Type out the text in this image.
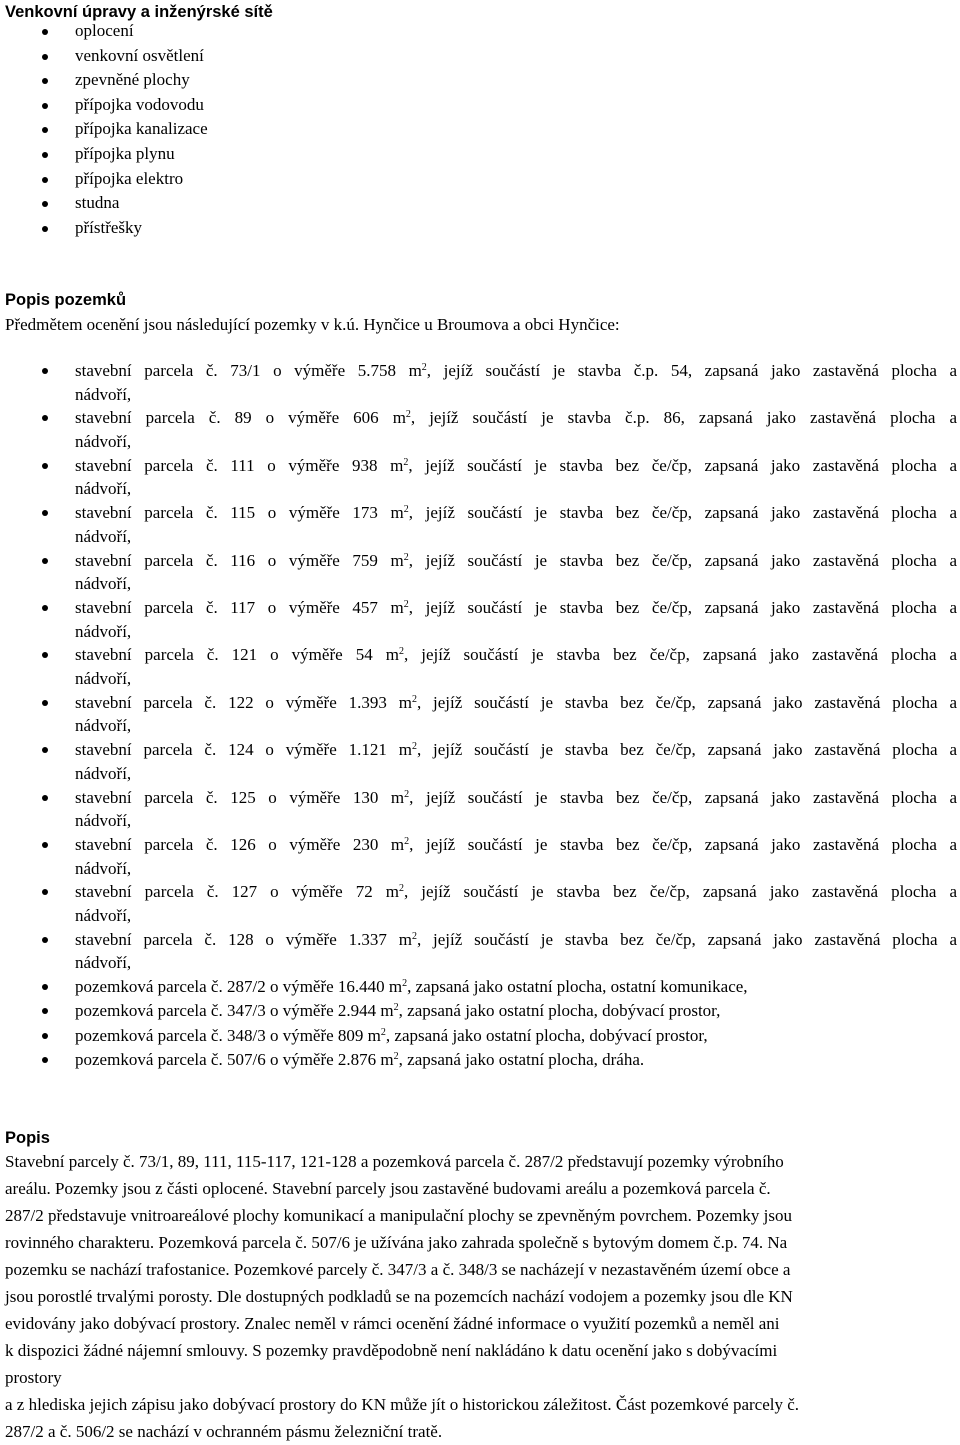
Venkovní úpravy a inženýrské sítě
oplocení
venkovní osvětlení
zpevněné plochy
přípojka vodovodu
přípojka kanalizace
přípojka plynu
přípojka elektro
studna
přístřešky
Popis pozemků
Předmětem ocenění jsou následující pozemky v k.ú. Hynčice u Broumova a obci Hynčice:
stavební parcela č. 73/1 o výměře 5.758 $m^2$, jejíž součástí je stavba č.p. 54, zapsaná jako zastavěná plocha a
nádvoří,
stavební parcela č. 89 o výměře 606 $m^2$, jejíž součástí je stavba č.p. 86, zapsaná jako zastavěná plocha a
nádvoří,
stavební parcela č. 111 o výměře 938 $m^2$, jejíž součástí je stavba bez če/čp, zapsaná jako zastavěná plocha a
nádvoří,
stavební parcela č. 115 o výměře 173 $m^2$, jejíž součástí je stavba bez če/čp, zapsaná jako zastavěná plocha a
nádvoří,
stavební parcela č. 116 o výměře 759 $m^2$, jejíž součástí je stavba bez če/čp, zapsaná jako zastavěná plocha a
nádvoří,
stavební parcela č. 117 o výměře 457 $m^2$, jejíž součástí je stavba bez če/čp, zapsaná jako zastavěná plocha a
nádvoří,
stavební parcela č. 121 o výměře 54 $m^2$, jejíž součástí je stavba bez če/čp, zapsaná jako zastavěná plocha a
nádvoří,
stavební parcela č. 122 o výměře 1.393 $m^2$, jejíž součástí je stavba bez če/čp, zapsaná jako zastavěná plocha a
nádvoří,
stavební parcela č. 124 o výměře 1.121 $m^2$, jejíž součástí je stavba bez če/čp, zapsaná jako zastavěná plocha a
nádvoří,
stavební parcela č. 125 o výměře 130 $m^2$, jejíž součástí je stavba bez če/čp, zapsaná jako zastavěná plocha a
nádvoří,
stavební parcela č. 126 o výměře 230 $m^2$, jejíž součástí je stavba bez če/čp, zapsaná jako zastavěná plocha a
nádvoří,
stavební parcela č. 127 o výměře 72 $m^2$, jejíž součástí je stavba bez če/čp, zapsaná jako zastavěná plocha a
nádvoří,
stavební parcela č. 128 o výměře 1.337 $m^2$, jejíž součástí je stavba bez če/čp, zapsaná jako zastavěná plocha a
nádvoří,
pozemková parcela č. 287/2 o výměře 16.440 $m^2$, zapsaná jako ostatní plocha, ostatní komunikace,
pozemková parcela č. 347/3 o výměře 2.944 $m^2$, zapsaná jako ostatní plocha, dobývací prostor,
pozemková parcela č. 348/3 o výměře 809 $m^2$, zapsaná jako ostatní plocha, dobývací prostor,
pozemková parcela č. 507/6 o výměře 2.876 $m^2$, zapsaná jako ostatní plocha, dráha.
Popis

Stavební parcely č. 73/1, 89, 111, 115-117, 121-128 a pozemková parcela č. 287/2 představují pozemky výrobního
areálu. Pozemky jsou z části oplocené. Stavební parcely jsou zastavěné budovami areálu a pozemková parcela č.
287/2 představuje vnitroareálové plochy komunikací a manipulační plochy se zpevněným povrchem. Pozemky jsou
rovinného charakteru. Pozemková parcela č. 507/6 je užívána jako zahrada společně s bytovým domem č.p. 74. Na
pozemku se nachází trafostanice. Pozemkové parcely č. 347/3 a č. 348/3 se nacházejí v nezastavěném území obce a
jsou porostlé trvalými porosty. Dle dostupných podkladů se na pozemcích nachází vodojem a pozemky jsou dle KN
evidovány jako dobývací prostory. Znalec neměl v rámci ocenění žádné informace o využití pozemků a neměl ani
k dispozici žádné nájemní smlouvy. S pozemky pravděpodobně není nakládáno k datu ocenění jako s dobývacími
prostory
a z hlediska jejich zápisu jako dobývací prostory do KN může jít o historickou záležitost. Část pozemkové parcely č.
287/2 a č. 506/2 se nachází v ochranném pásmu železniční tratě.
